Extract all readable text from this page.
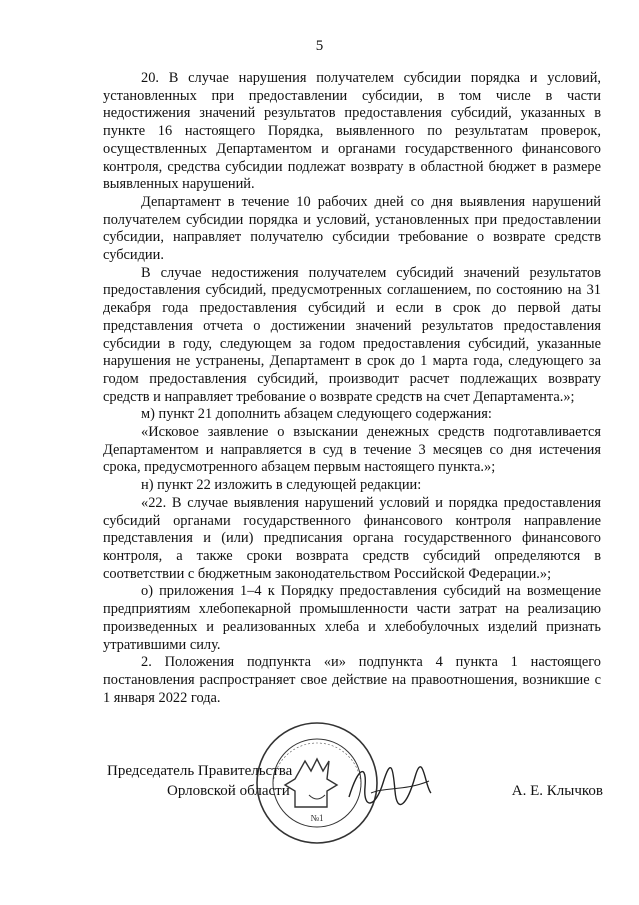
5

20. В случае нарушения получателем субсидии порядка и условий, установленных при предоставлении субсидии, в том числе в части недостижения значений результатов предоставления субсидий, указанных в пункте 16 настоящего Порядка, выявленного по результатам проверок, осуществленных Департаментом и органами государственного финансового контроля, средства субсидии подлежат возврату в областной бюджет в размере выявленных нарушений.

Департамент в течение 10 рабочих дней со дня выявления нарушений получателем субсидии порядка и условий, установленных при предоставлении субсидии, направляет получателю субсидии требование о возврате средств субсидии.

В случае недостижения получателем субсидий значений результатов предоставления субсидий, предусмотренных соглашением, по состоянию на 31 декабря года предоставления субсидий и если в срок до первой даты представления отчета о достижении значений результатов предоставления субсидии в году, следующем за годом предоставления субсидий, указанные нарушения не устранены, Департамент в срок до 1 марта года, следующего за годом предоставления субсидий, производит расчет подлежащих возврату средств и направляет требование о возврате средств на счет Департамента.»;

м) пункт 21 дополнить абзацем следующего содержания:

«Исковое заявление о взыскании денежных средств подготавливается Департаментом и направляется в суд в течение 3 месяцев со дня истечения срока, предусмотренного абзацем первым настоящего пункта.»;

н) пункт 22 изложить в следующей редакции:

«22. В случае выявления нарушений условий и порядка предоставления субсидий органами государственного финансового контроля направление представления и (или) предписания органа государственного финансового контроля, а также сроки возврата средств субсидий определяются в соответствии с бюджетным законодательством Российской Федерации.»;

о) приложения 1–4 к Порядку предоставления субсидий на возмещение предприятиям хлебопекарной промышленности части затрат на реализацию произведенных и реализованных хлеба и хлебобулочных изделий признать утратившими силу.

2. Положения подпункта «и» подпункта 4 пункта 1 настоящего постановления распространяет свое действие на правоотношения, возникшие с 1 января 2022 года.

№1
Председатель Правительства
Орловской области	А. Е. Клычков
